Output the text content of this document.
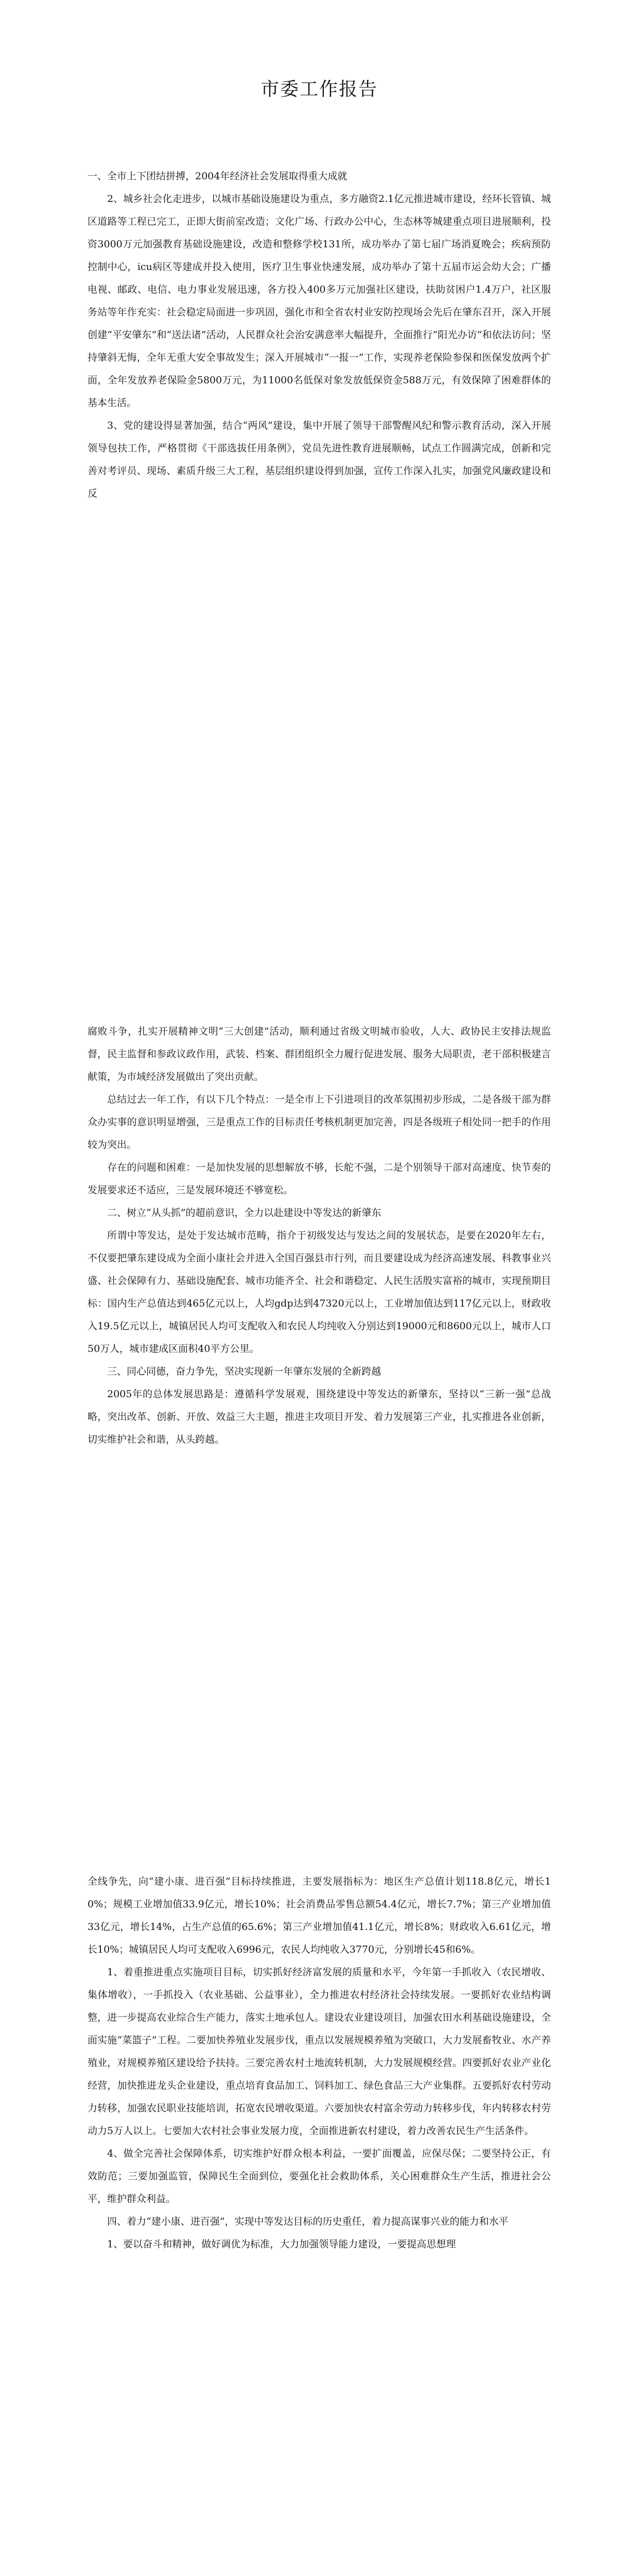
市委工作报告

一、全市上下团结拼搏，2004年经济社会发展取得重大成就

2、城乡社会化走进步，以城市基础设施建设为重点，多方融资2.1亿元推进城市建设，经环长管镇、城区道路等工程已完工，正即大街前室改造；文化广场、行政办公中心，生态林等城建重点项目进展顺利，投资3000万元加强教育基础设施建设，改造和整修学校131所，成功举办了第七届广场消夏晚会；疾病预防控制中心，icu病区等建成并投入使用，医疗卫生事业快速发展，成功举办了第十五届市运会幼大会；广播电视、邮政、电信、电力事业发展迅速，各方投入400多万元加强社区建设，扶助贫困户1.4万户，社区服务站等年作充实：社会稳定局面进一步巩固，强化市和全省农村业安防控现场会先后在肇东召开，深入开展创建“平安肇东”和“送法诸”活动，人民群众社会治安满意率大幅提升，全面推行“阳光办访”和依法访问；坚持肇斜无悔，全年无重大安全事故发生；深入开展城市“一报一”工作，实现养老保险参保和医保发放两个扩面，全年发放养老保险金5800万元，为11000名低保对象发放低保资金588万元，有效保障了困难群体的基本生活。

3、党的建设得显著加强，结合“两风”建设，集中开展了领导干部警醒风纪和警示教育活动，深入开展领导包扶工作，严格贯彻《干部选拔任用条例》，党员先进性教育进展顺畅，试点工作圆满完成，创新和完善对考评员、现场、素质升级三大工程，基层组织建设得到加强，宣传工作深入扎实，加强党风廉政建设和反

腐败斗争，扎实开展精神文明“三大创建”活动，顺利通过省级文明城市验收，人大、政协民主安排法规监督，民主监督和参政议政作用，武装、档案、群团组织全力履行促进发展、服务大局职责，老干部积极建言献策，为市域经济发展做出了突出贡献。

总结过去一年工作，有以下几个特点：一是全市上下引进项目的改革氛围初步形成，二是各级干部为群众办实事的意识明显增强，三是重点工作的目标责任考核机制更加完善，四是各级班子相处同一把手的作用较为突出。

存在的问题和困难：一是加快发展的思想解放不够，长舵不强，二是个别领导干部对高速度、快节奏的发展要求还不适应，三是发展环境还不够宽松。

二、树立“从头抓”的超前意识，全力以赴建设中等发达的新肇东

所谓中等发达，是处于发达城市范畴，指介于初级发达与发达之间的发展状态，是要在2020年左右，不仅要把肇东建设成为全面小康社会并进入全国百强县市行列，而且要建设成为经济高速发展、科教事业兴盛、社会保障有力、基础设施配套、城市功能齐全、社会和谐稳定、人民生活殷实富裕的城市，实现预期目标：国内生产总值达到465亿元以上，人均gdp达到47320元以上，工业增加值达到117亿元以上，财政收入19.5亿元以上，城镇居民人均可支配收入和农民人均纯收入分别达到19000元和8600元以上，城市人口50万人，城市建成区面积40平方公里。

三、同心同德，奋力争先，坚决实现新一年肇东发展的全新跨越

2005年的总体发展思路是：遵循科学发展观，围绕建设中等发达的新肇东，坚持以“三新一强”总战略，突出改革、创新、开放、效益三大主题，推进主攻项目开发、着力发展第三产业，扎实推进各业创新，切实维护社会和谐，从头跨越。

全线争先，向“建小康、进百强”目标持续推进，主要发展指标为：地区生产总值计划118.8亿元，增长10%；规模工业增加值33.9亿元，增长10%；社会消费品零售总额54.4亿元，增长7.7%；第三产业增加值33亿元，增长14%，占生产总值的65.6%；第三产业增加值41.1亿元，增长8%；财政收入6.61亿元，增长10%；城镇居民人均可支配收入6996元，农民人均纯收入3770元，分别增长45和6%。

1、着重推进重点实施项目目标，切实抓好经济富发展的质量和水平，今年第一手抓收入（农民增收、集体增收），一手抓投入（农业基础、公益事业），全力推进农村经济社会持续发展。一要抓好农业结构调整，进一步提高农业综合生产能力，落实土地承包人。建设农业建设项目，加强农田水利基础设施建设，全面实施“菜篮子”工程。二要加快养殖业发展步伐，重点以发展规模养殖为突破口，大力发展畜牧业、水产养殖业，对规模养殖区建设给予扶持。三要完善农村土地流转机制，大力发展规模经营。四要抓好农业产业化经营，加快推进龙头企业建设，重点培育食品加工、饲料加工、绿色食品三大产业集群。五要抓好农村劳动力转移，加强农民职业技能培训，拓宽农民增收渠道。六要加快农村富余劳动力转移步伐，年内转移农村劳动力5万人以上。七要加大农村社会事业发展力度，全面推进新农村建设，着力改善农民生产生活条件。

4、做全完善社会保障体系，切实维护好群众根本利益，一要扩面覆盖，应保尽保；二要坚持公正，有效防范；三要加强监管，保障民生全面到位，要强化社会救助体系，关心困难群众生产生活，推进社会公平，维护群众利益。

四、着力“建小康、进百强”，实现中等发达目标的历史重任，着力提高谋事兴业的能力和水平

1、要以奋斗和精神，做好调优为标准，大力加强领导能力建设，一要提高思想理
